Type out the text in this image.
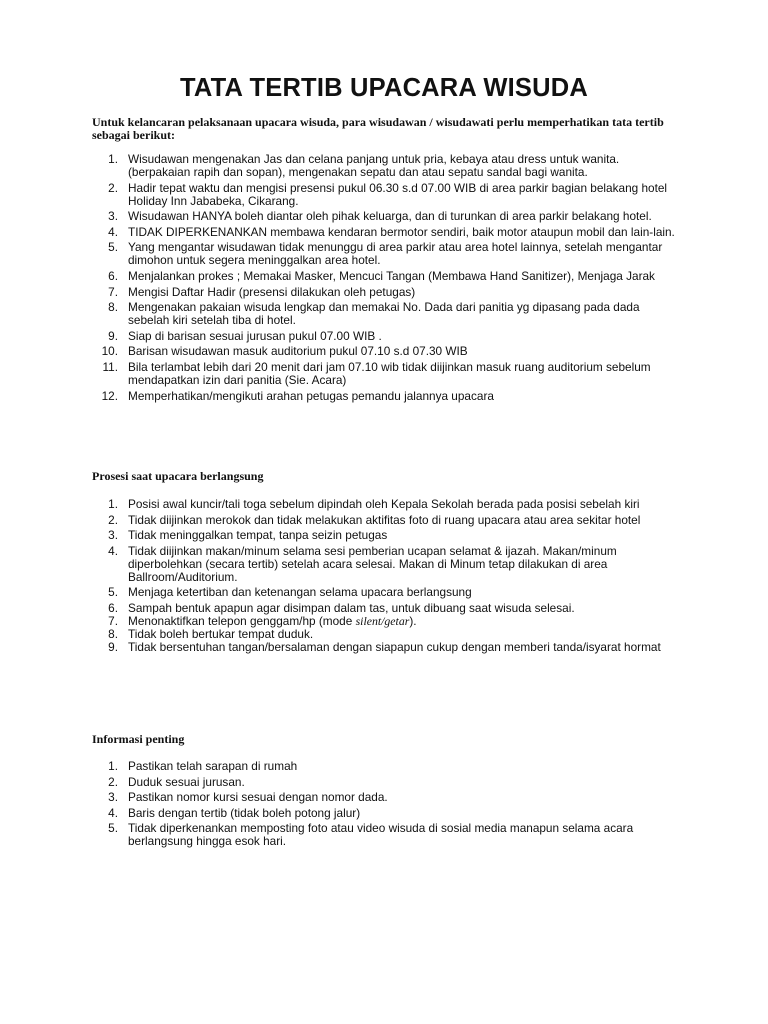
TATA TERTIB UPACARA WISUDA
Untuk kelancaran pelaksanaan upacara wisuda, para wisudawan / wisudawati perlu memperhatikan tata tertib sebagai berikut:
1. Wisudawan mengenakan Jas dan celana panjang untuk pria, kebaya atau dress untuk wanita. (berpakaian rapih dan sopan), mengenakan sepatu dan atau sepatu sandal bagi wanita.
2. Hadir tepat waktu dan mengisi presensi pukul 06.30 s.d 07.00 WIB di area parkir bagian belakang hotel Holiday Inn Jababeka, Cikarang.
3. Wisudawan HANYA boleh diantar oleh pihak keluarga, dan di turunkan di area parkir belakang hotel.
4. TIDAK DIPERKENANKAN membawa kendaran bermotor sendiri, baik motor ataupun mobil dan lain-lain.
5. Yang mengantar wisudawan tidak menunggu di area parkir atau area hotel lainnya, setelah mengantar dimohon untuk segera meninggalkan area hotel.
6. Menjalankan prokes ; Memakai Masker, Mencuci Tangan (Membawa Hand Sanitizer), Menjaga Jarak
7. Mengisi Daftar Hadir (presensi dilakukan oleh petugas)
8. Mengenakan pakaian wisuda lengkap dan memakai No. Dada dari panitia yg dipasang pada dada sebelah kiri setelah tiba di hotel.
9. Siap di barisan sesuai jurusan pukul 07.00 WIB .
10. Barisan wisudawan masuk auditorium pukul 07.10 s.d 07.30 WIB
11. Bila terlambat lebih dari 20 menit dari jam 07.10 wib tidak diijinkan masuk ruang auditorium sebelum mendapatkan izin dari panitia (Sie. Acara)
12. Memperhatikan/mengikuti arahan petugas pemandu jalannya upacara
Prosesi saat upacara berlangsung
1. Posisi awal kuncir/tali toga sebelum dipindah oleh Kepala Sekolah berada pada posisi sebelah kiri
2. Tidak diijinkan merokok dan tidak melakukan aktifitas foto di ruang upacara atau area sekitar hotel
3. Tidak meninggalkan tempat, tanpa seizin petugas
4. Tidak diijinkan makan/minum selama sesi pemberian ucapan selamat & ijazah. Makan/minum diperbolehkan (secara tertib) setelah acara selesai. Makan di Minum tetap dilakukan di area Ballroom/Auditorium.
5. Menjaga ketertiban dan ketenangan selama upacara berlangsung
6. Sampah bentuk apapun agar disimpan dalam tas, untuk dibuang saat wisuda selesai.
7. Menonaktifkan telepon genggam/hp (mode silent/getar).
8. Tidak boleh bertukar tempat duduk.
9. Tidak bersentuhan tangan/bersalaman dengan siapapun cukup dengan memberi tanda/isyarat hormat
Informasi penting
1. Pastikan telah sarapan di rumah
2. Duduk sesuai jurusan.
3. Pastikan nomor kursi sesuai dengan nomor dada.
4. Baris dengan tertib (tidak boleh potong jalur)
5. Tidak diperkenankan memposting foto atau video wisuda di sosial media manapun selama acara berlangsung hingga esok hari.
